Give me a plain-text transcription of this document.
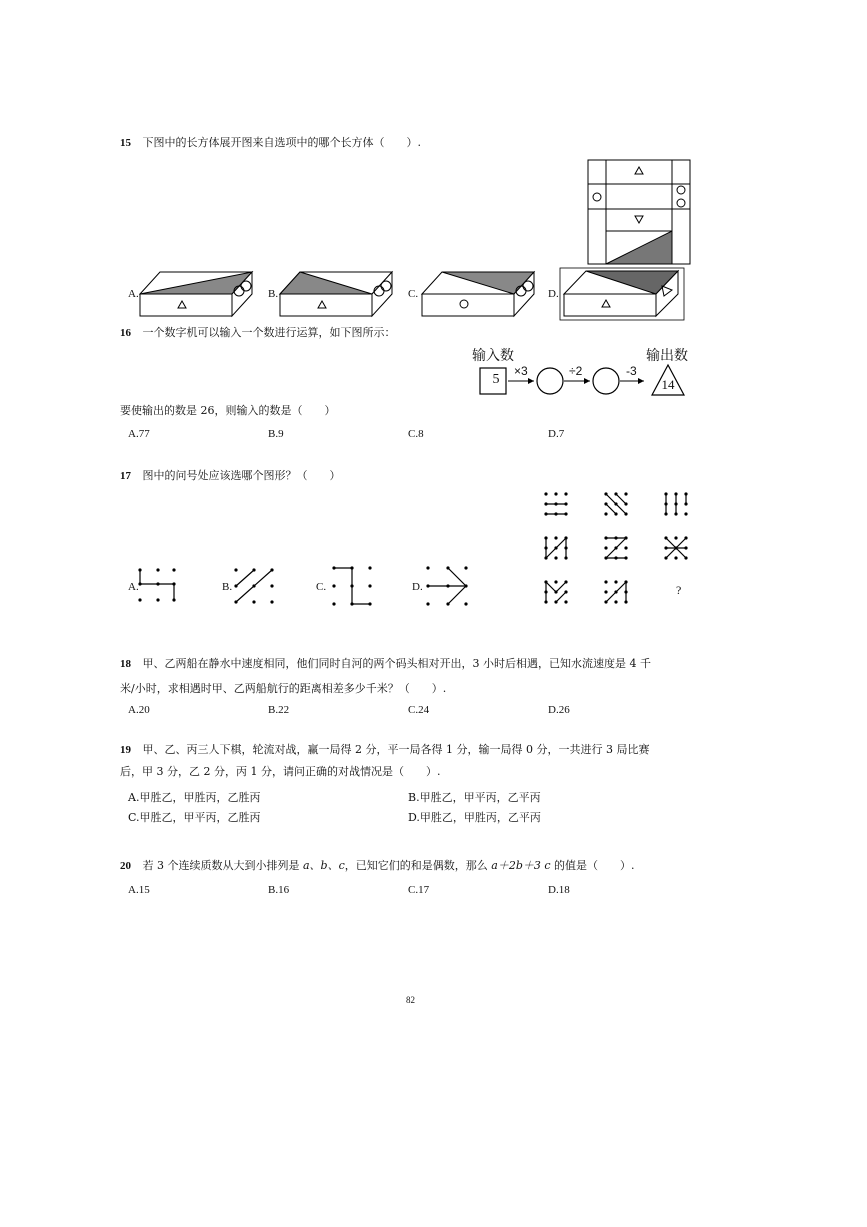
15 下图中的长方体展开图来自选项中的哪个长方体（　　）.
A.	B.	C.	D.
16 一个数字机可以输入一个数进行运算，如下图所示：
输入数	输出数
5
×3	÷2	-3
14
要使输出的数是 26，则输入的数是（　　）
A.77	B.9	C.8	D.7
17 图中的问号处应该选哪个图形？（　　）
?
A.	B.	C.	D.
18 甲、乙两船在静水中速度相同，他们同时自河的两个码头相对开出，3 小时后相遇，已知水流速度是 4 千
米/小时，求相遇时甲、乙两船航行的距离相差多少千米？（　　）.
A.20	B.22	C.24	D.26
19 甲、乙、丙三人下棋，轮流对战，赢一局得 2 分，平一局各得 1 分，输一局得 0 分，一共进行 3 局比赛
后，甲 3 分，乙 2 分，丙 1 分，请问正确的对战情况是（　　）.
A.甲胜乙，甲胜丙，乙胜丙	B.甲胜乙，甲平丙，乙平丙
C.甲胜乙，甲平丙，乙胜丙	D.甲胜乙，甲胜丙，乙平丙
20 若 3 个连续质数从大到小排列是 a、b、c，已知它们的和是偶数，那么 a＋2b＋3 c 的值是（　　）.
A.15	B.16	C.17	D.18
82
